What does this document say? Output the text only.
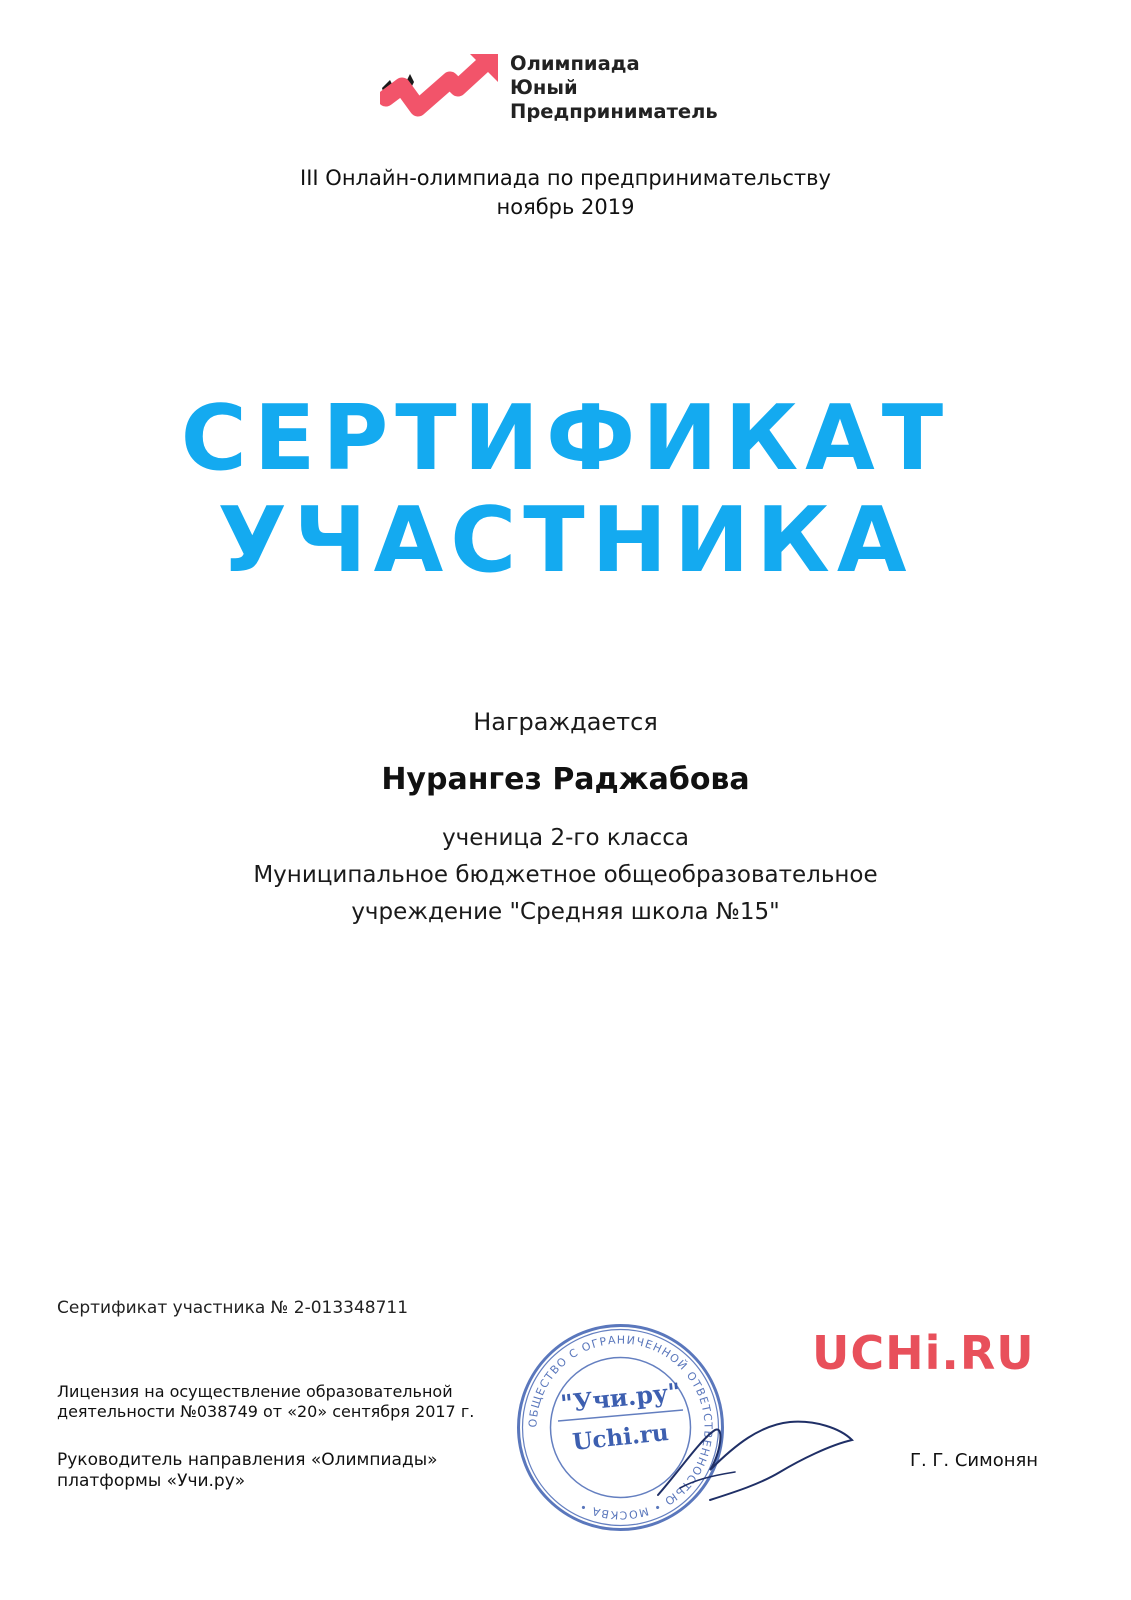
Олимпиада
Юный
Предприниматель
III Онлайн-олимпиада по предпринимательству
ноябрь 2019
СЕРТИФИКАТ
УЧАСТНИКА
Награждается
Нурангез Раджабова
ученица 2-го класса
Муниципальное бюджетное общеобразовательное
учреждение "Средняя школа №15"
Сертификат участника № 2-013348711
Лицензия на осуществление образовательной
деятельности №038749 от «20» сентября 2017 г.
Руководитель направления «Олимпиады»
платформы «Учи.ру»
UCHi.RU
ОБЩЕСТВО С ОГРАНИЧЕННОЙ ОТВЕТСТВЕННОСТЬЮ • МОСКВА •
"Учи.ру"
Uchi.ru
Г. Г. Симонян
